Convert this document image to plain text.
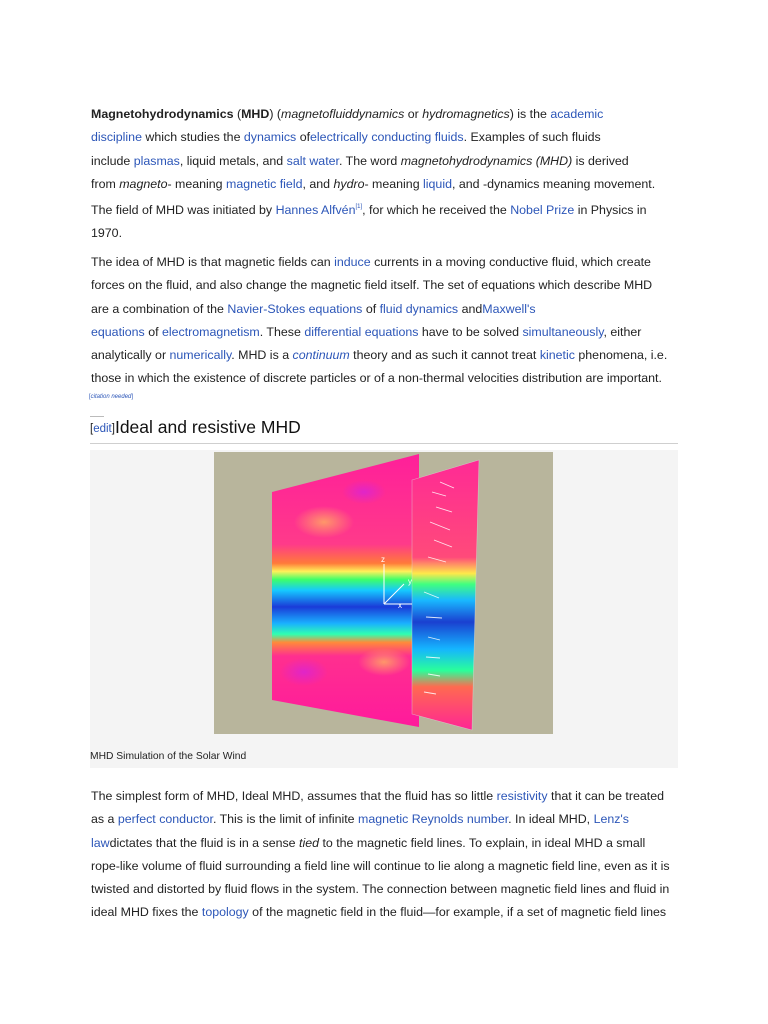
Magnetohydrodynamics (MHD) (magnetofluiddynamics or hydromagnetics) is the academic
discipline which studies the dynamics ofelectrically conducting fluids. Examples of such fluids
include plasmas, liquid metals, and salt water. The word magnetohydrodynamics (MHD) is derived
from magneto- meaning magnetic field, and hydro- meaning liquid, and -dynamics meaning movement.
The field of MHD was initiated by Hannes Alfvén[1], for which he received the Nobel Prize in Physics in
1970.

The idea of MHD is that magnetic fields can induce currents in a moving conductive fluid, which create
forces on the fluid, and also change the magnetic field itself. The set of equations which describe MHD
are a combination of the Navier-Stokes equations of fluid dynamics andMaxwell's
equations of electromagnetism. These differential equations have to be solved simultaneously, either
analytically or numerically. MHD is a continuum theory and as such it cannot treat kinetic phenomena, i.e.
those in which the existence of discrete particles or of a non-thermal velocities distribution are important.

[citation needed]
[edit]Ideal and resistive MHD
z
y
x
MHD Simulation of the Solar Wind

The simplest form of MHD, Ideal MHD, assumes that the fluid has so little resistivity that it can be treated
as a perfect conductor. This is the limit of infinite magnetic Reynolds number. In ideal MHD, Lenz's
lawdictates that the fluid is in a sense tied to the magnetic field lines. To explain, in ideal MHD a small
rope-like volume of fluid surrounding a field line will continue to lie along a magnetic field line, even as it is
twisted and distorted by fluid flows in the system. The connection between magnetic field lines and fluid in
ideal MHD fixes the topology of the magnetic field in the fluid—for example, if a set of magnetic field lines
